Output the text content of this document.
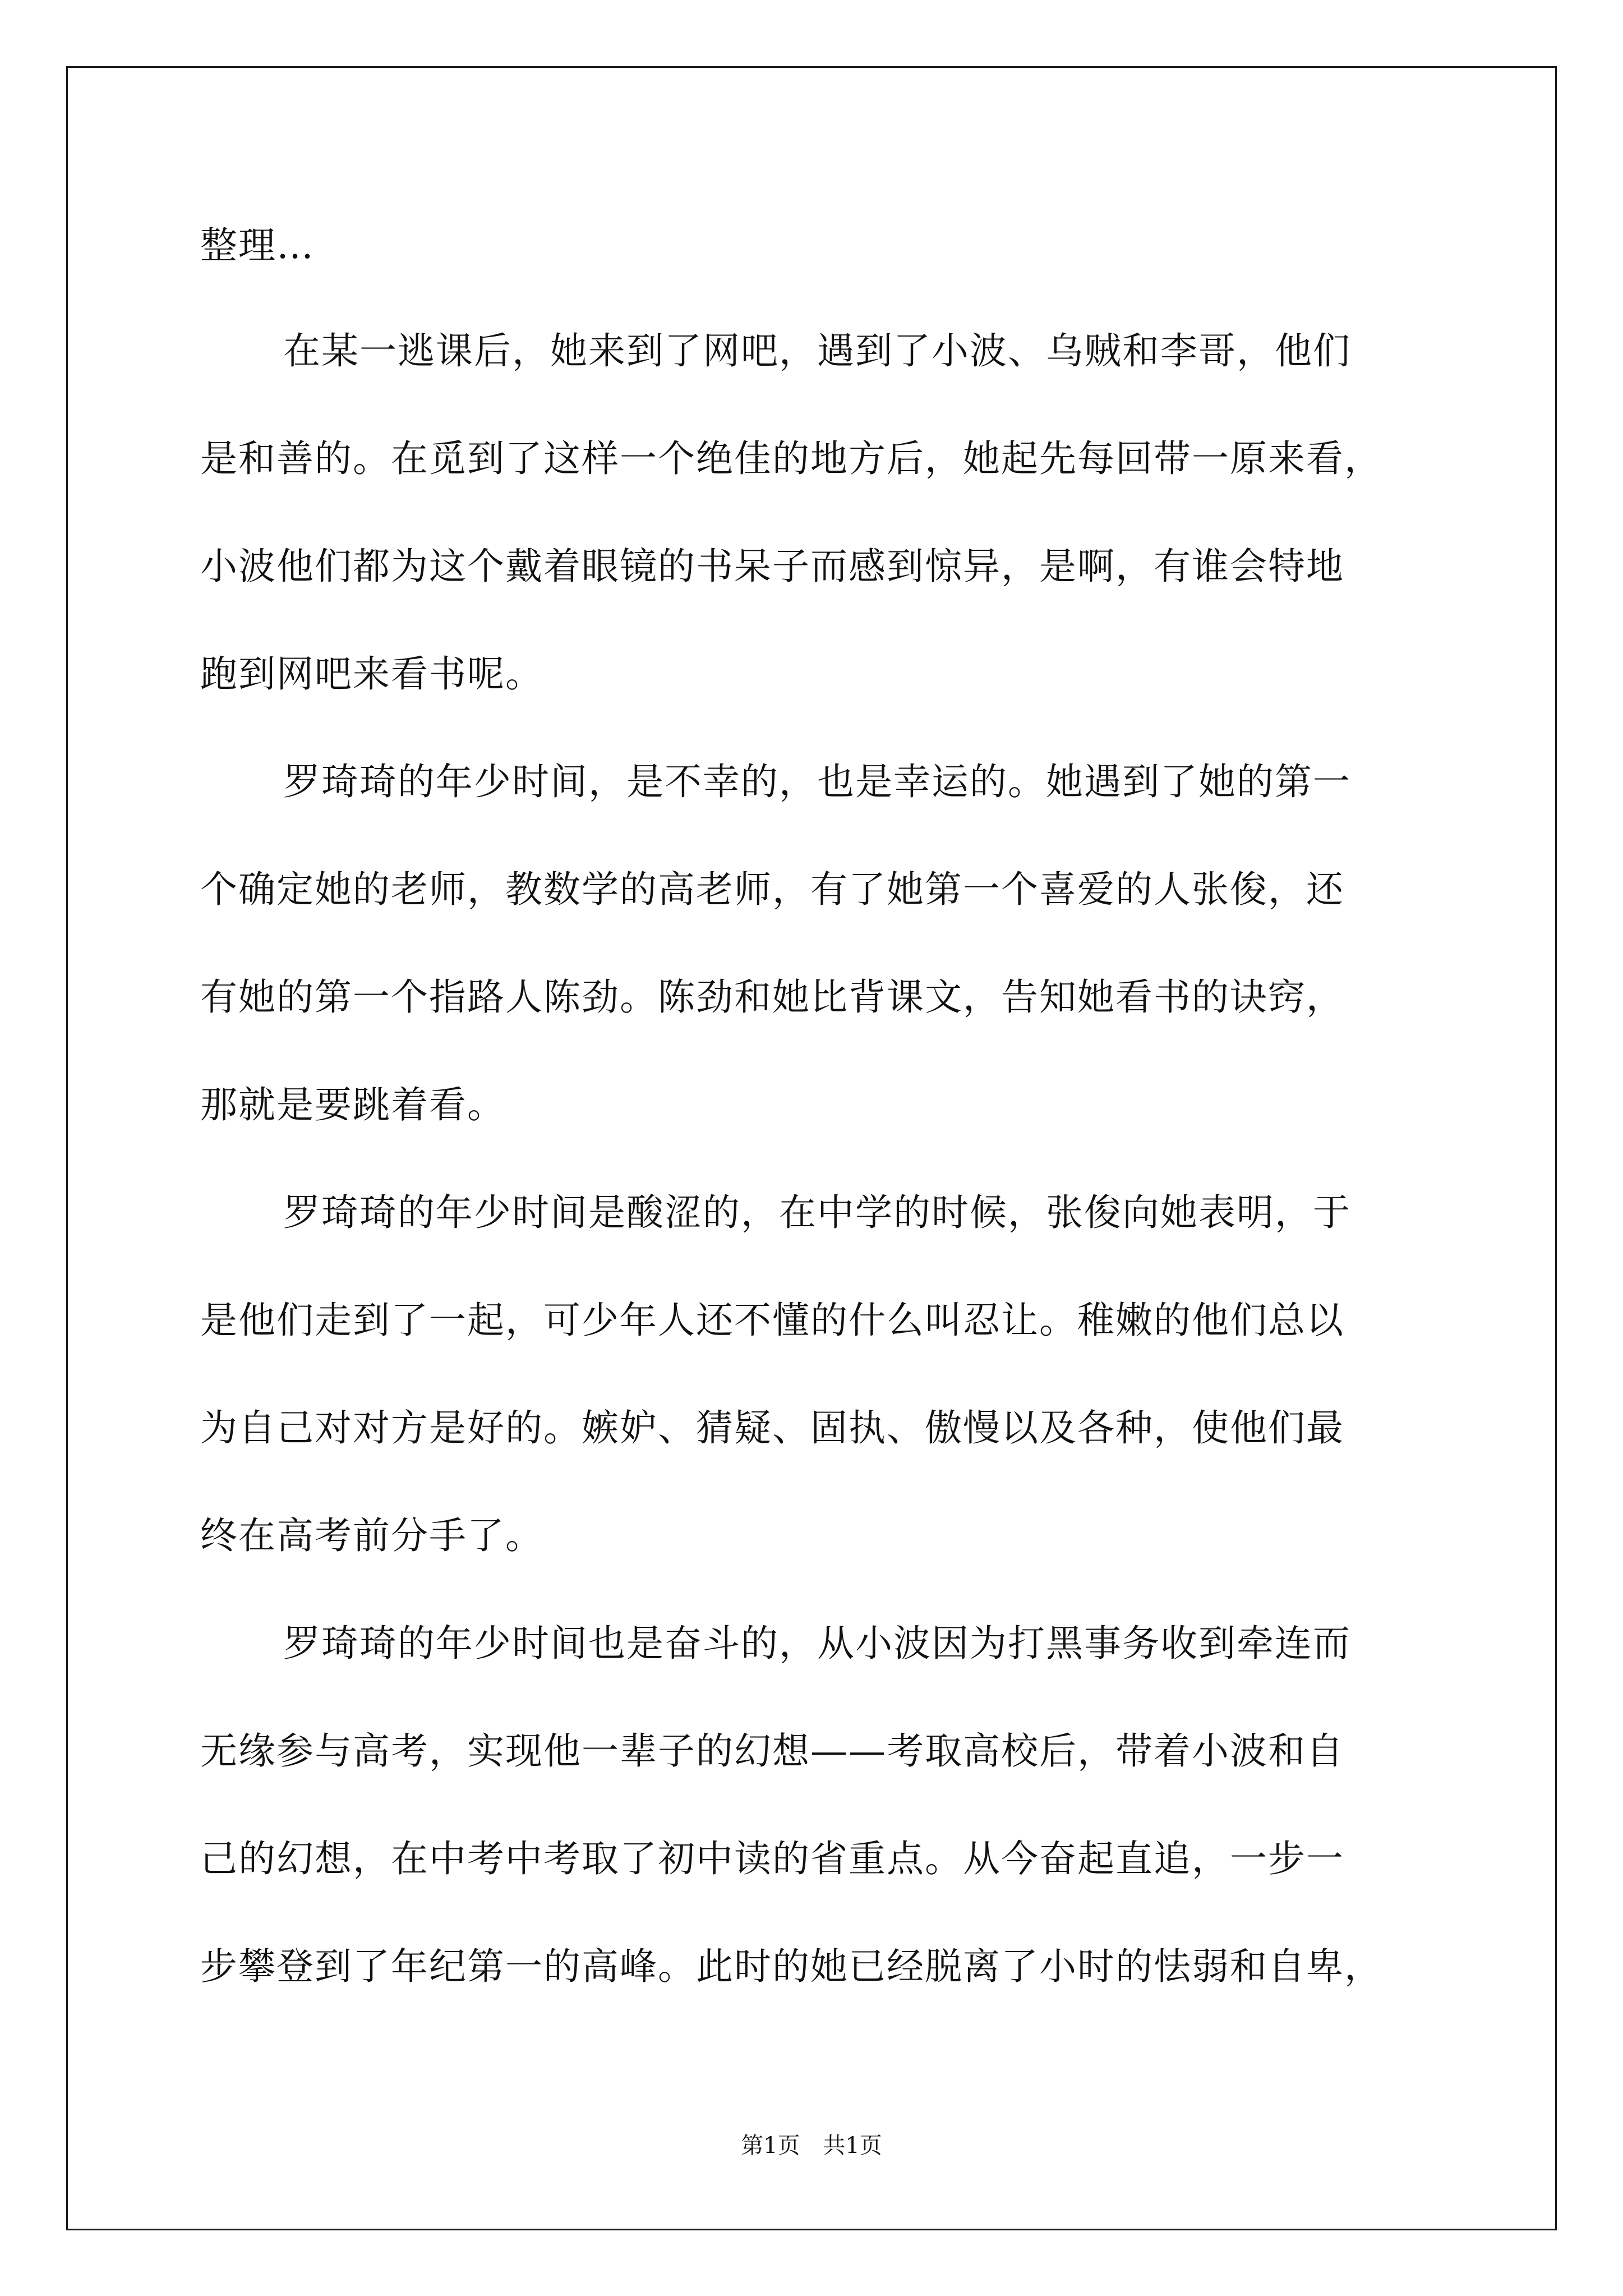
整理…
在某一逃课后，她来到了网吧，遇到了小波、乌贼和李哥，他们
是和善的。在觅到了这样一个绝佳的地方后，她起先每回带一原来看，
小波他们都为这个戴着眼镜的书呆子而感到惊异，是啊，有谁会特地
跑到网吧来看书呢。
罗琦琦的年少时间，是不幸的，也是幸运的。她遇到了她的第一
个确定她的老师，教数学的高老师，有了她第一个喜爱的人张俊，还
有她的第一个指路人陈劲。陈劲和她比背课文，告知她看书的诀窍，
那就是要跳着看。
罗琦琦的年少时间是酸涩的，在中学的时候，张俊向她表明，于
是他们走到了一起，可少年人还不懂的什么叫忍让。稚嫩的他们总以
为自己对对方是好的。嫉妒、猜疑、固执、傲慢以及各种，使他们最
终在高考前分手了。
罗琦琦的年少时间也是奋斗的，从小波因为打黑事务收到牵连而
无缘参与高考，实现他一辈子的幻想——考取高校后，带着小波和自
己的幻想，在中考中考取了初中读的省重点。从今奋起直追，一步一
步攀登到了年纪第一的高峰。此时的她已经脱离了小时的怯弱和自卑，
第1页 共1页
